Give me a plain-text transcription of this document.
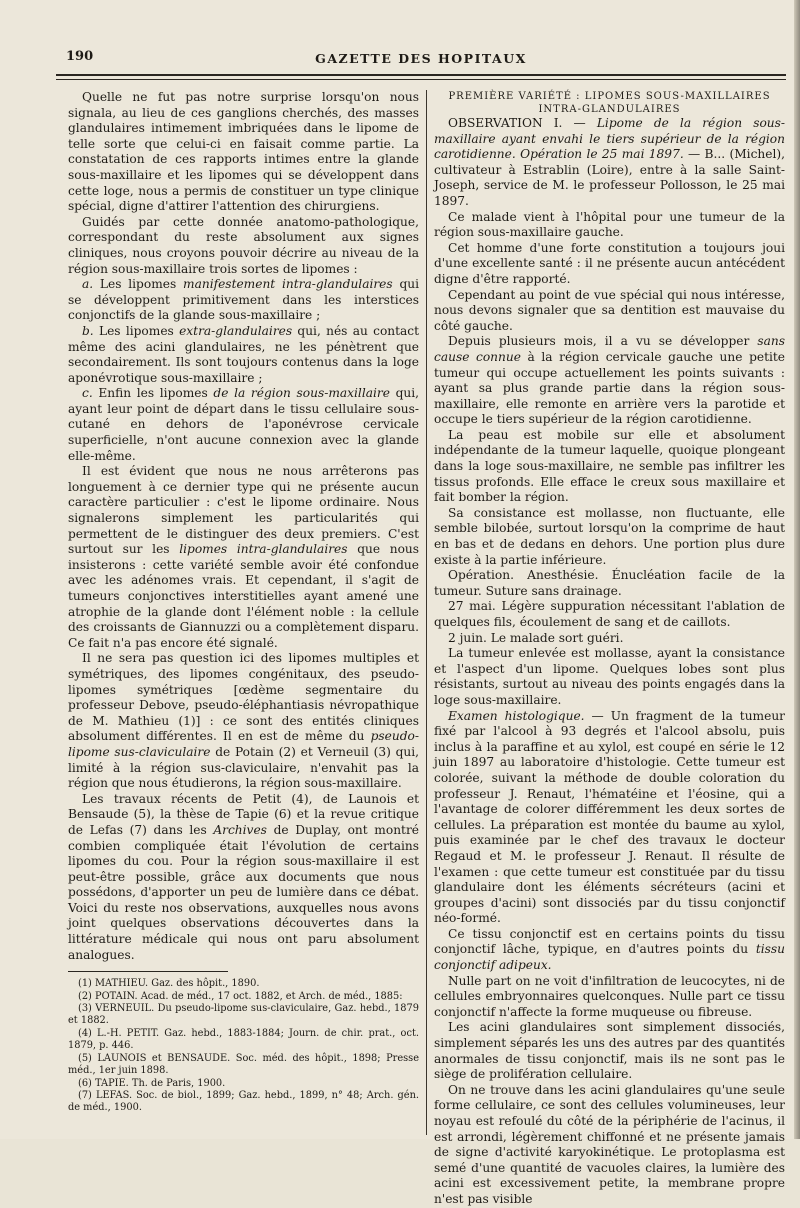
190	GAZETTE DES HOPITAUX

Quelle ne fut pas notre surprise lorsqu'on nous signala, au lieu de ces ganglions cherchés, des masses glandulaires intimement imbriquées dans le lipome de telle sorte que celui-ci en faisait comme partie. La constatation de ces rapports intimes entre la glande sous-maxillaire et les lipomes qui se développent dans cette loge, nous a permis de constituer un type clinique spécial, digne d'attirer l'attention des chirurgiens.

Guidés par cette donnée anatomo-pathologique, correspondant du reste absolument aux signes cliniques, nous croyons pouvoir décrire au niveau de la région sous-maxillaire trois sortes de lipomes :

a. Les lipomes manifestement intra-glandulaires qui se développent primitivement dans les interstices conjonctifs de la glande sous-maxillaire ;

b. Les lipomes extra-glandulaires qui, nés au contact même des acini glandulaires, ne les pénètrent que secondairement. Ils sont toujours contenus dans la loge aponévrotique sous-maxillaire ;

c. Enfin les lipomes de la région sous-maxillaire qui, ayant leur point de départ dans le tissu cellulaire sous-cutané en dehors de l'aponévrose cervicale superficielle, n'ont aucune connexion avec la glande elle-même.

Il est évident que nous ne nous arrêterons pas longuement à ce dernier type qui ne présente aucun caractère particulier : c'est le lipome ordinaire. Nous signalerons simplement les particularités qui permettent de le distinguer des deux premiers. C'est surtout sur les lipomes intra-glandulaires que nous insisterons : cette variété semble avoir été confondue avec les adénomes vrais. Et cependant, il s'agit de tumeurs conjonctives interstitielles ayant amené une atrophie de la glande dont l'élément noble : la cellule des croissants de Giannuzzi ou a complètement disparu. Ce fait n'a pas encore été signalé.

Il ne sera pas question ici des lipomes multiples et symétriques, des lipomes congénitaux, des pseudo-lipomes symétriques [œdème segmentaire du professeur Debove, pseudo-éléphantiasis névropathique de M. Mathieu (1)] : ce sont des entités cliniques absolument différentes. Il en est de même du pseudo-lipome sus-claviculaire de Potain (2) et Verneuil (3) qui, limité à la région sus-claviculaire, n'envahit pas la région que nous étudierons, la région sous-maxillaire.

Les travaux récents de Petit (4), de Launois et Bensaude (5), la thèse de Tapie (6) et la revue critique de Lefas (7) dans les Archives de Duplay, ont montré combien compliquée était l'évolution de certains lipomes du cou. Pour la région sous-maxillaire il est peut-être possible, grâce aux documents que nous possédons, d'apporter un peu de lumière dans ce débat. Voici du reste nos observations, auxquelles nous avons joint quelques observations découvertes dans la littérature médicale qui nous ont paru absolument analogues.

(1) MATHIEU. Gaz. des hôpit., 1890.
(2) POTAIN. Acad. de méd., 17 oct. 1882, et Arch. de méd., 1885:
(3) VERNEUIL. Du pseudo-lipome sus-claviculaire, Gaz. hebd., 1879 et 1882.
(4) L.-H. PETIT. Gaz. hebd., 1883-1884; Journ. de chir. prat., oct. 1879, p. 446.
(5) LAUNOIS et BENSAUDE. Soc. méd. des hôpit., 1898; Presse méd., 1er juin 1898.
(6) TAPIE. Th. de Paris, 1900.
(7) LEFAS. Soc. de biol., 1899; Gaz. hebd., 1899, n° 48; Arch. gén. de méd., 1900.

PREMIÈRE VARIÉTÉ : LIPOMES SOUS-MAXILLAIRES INTRA-GLANDULAIRES

OBSERVATION I. — Lipome de la région sous-maxillaire ayant envahi le tiers supérieur de la région carotidienne. Opération le 25 mai 1897. — B... (Michel), cultivateur à Estrablin (Loire), entre à la salle Saint-Joseph, service de M. le professeur Pollosson, le 25 mai 1897.

Ce malade vient à l'hôpital pour une tumeur de la région sous-maxillaire gauche.

Cet homme d'une forte constitution a toujours joui d'une excellente santé : il ne présente aucun antécédent digne d'être rapporté.

Cependant au point de vue spécial qui nous intéresse, nous devons signaler que sa dentition est mauvaise du côté gauche.

Depuis plusieurs mois, il a vu se développer sans cause connue à la région cervicale gauche une petite tumeur qui occupe actuellement les points suivants : ayant sa plus grande partie dans la région sous-maxillaire, elle remonte en arrière vers la parotide et occupe le tiers supérieur de la région carotidienne.

La peau est mobile sur elle et absolument indépendante de la tumeur laquelle, quoique plongeant dans la loge sous-maxillaire, ne semble pas infiltrer les tissus profonds. Elle efface le creux sous maxillaire et fait bomber la région.

Sa consistance est mollasse, non fluctuante, elle semble bilobée, surtout lorsqu'on la comprime de haut en bas et de dedans en dehors. Une portion plus dure existe à la partie inférieure.

Opération. Anesthésie. Énucléation facile de la tumeur. Suture sans drainage.

27 mai. Légère suppuration nécessitant l'ablation de quelques fils, écoulement de sang et de caillots.

2 juin. Le malade sort guéri.

La tumeur enlevée est mollasse, ayant la consistance et l'aspect d'un lipome. Quelques lobes sont plus résistants, surtout au niveau des points engagés dans la loge sous-maxillaire.

Examen histologique. — Un fragment de la tumeur fixé par l'alcool à 93 degrés et l'alcool absolu, puis inclus à la paraffine et au xylol, est coupé en série le 12 juin 1897 au laboratoire d'histologie. Cette tumeur est colorée, suivant la méthode de double coloration du professeur J. Renaut, l'hématéine et l'éosine, qui a l'avantage de colorer différemment les deux sortes de cellules. La préparation est montée du baume au xylol, puis examinée par le chef des travaux le docteur Regaud et M. le professeur J. Renaut. Il résulte de l'examen : que cette tumeur est constituée par du tissu glandulaire dont les éléments sécréteurs (acini et groupes d'acini) sont dissociés par du tissu conjonctif néo-formé.

Ce tissu conjonctif est en certains points du tissu conjonctif lâche, typique, en d'autres points du tissu conjonctif adipeux.

Nulle part on ne voit d'infiltration de leucocytes, ni de cellules embryonnaires quelconques. Nulle part ce tissu conjonctif n'affecte la forme muqueuse ou fibreuse.

Les acini glandulaires sont simplement dissociés, simplement séparés les uns des autres par des quantités anormales de tissu conjonctif, mais ils ne sont pas le siège de prolifération cellulaire.

On ne trouve dans les acini glandulaires qu'une seule forme cellulaire, ce sont des cellules volumineuses, leur noyau est refoulé du côté de la périphérie de l'acinus, il est arrondi, légèrement chiffonné et ne présente jamais de signe d'activité karyokinétique. Le protoplasma est semé d'une quantité de vacuoles claires, la lumière des acini est excessivement petite, la membrane propre n'est pas visible
